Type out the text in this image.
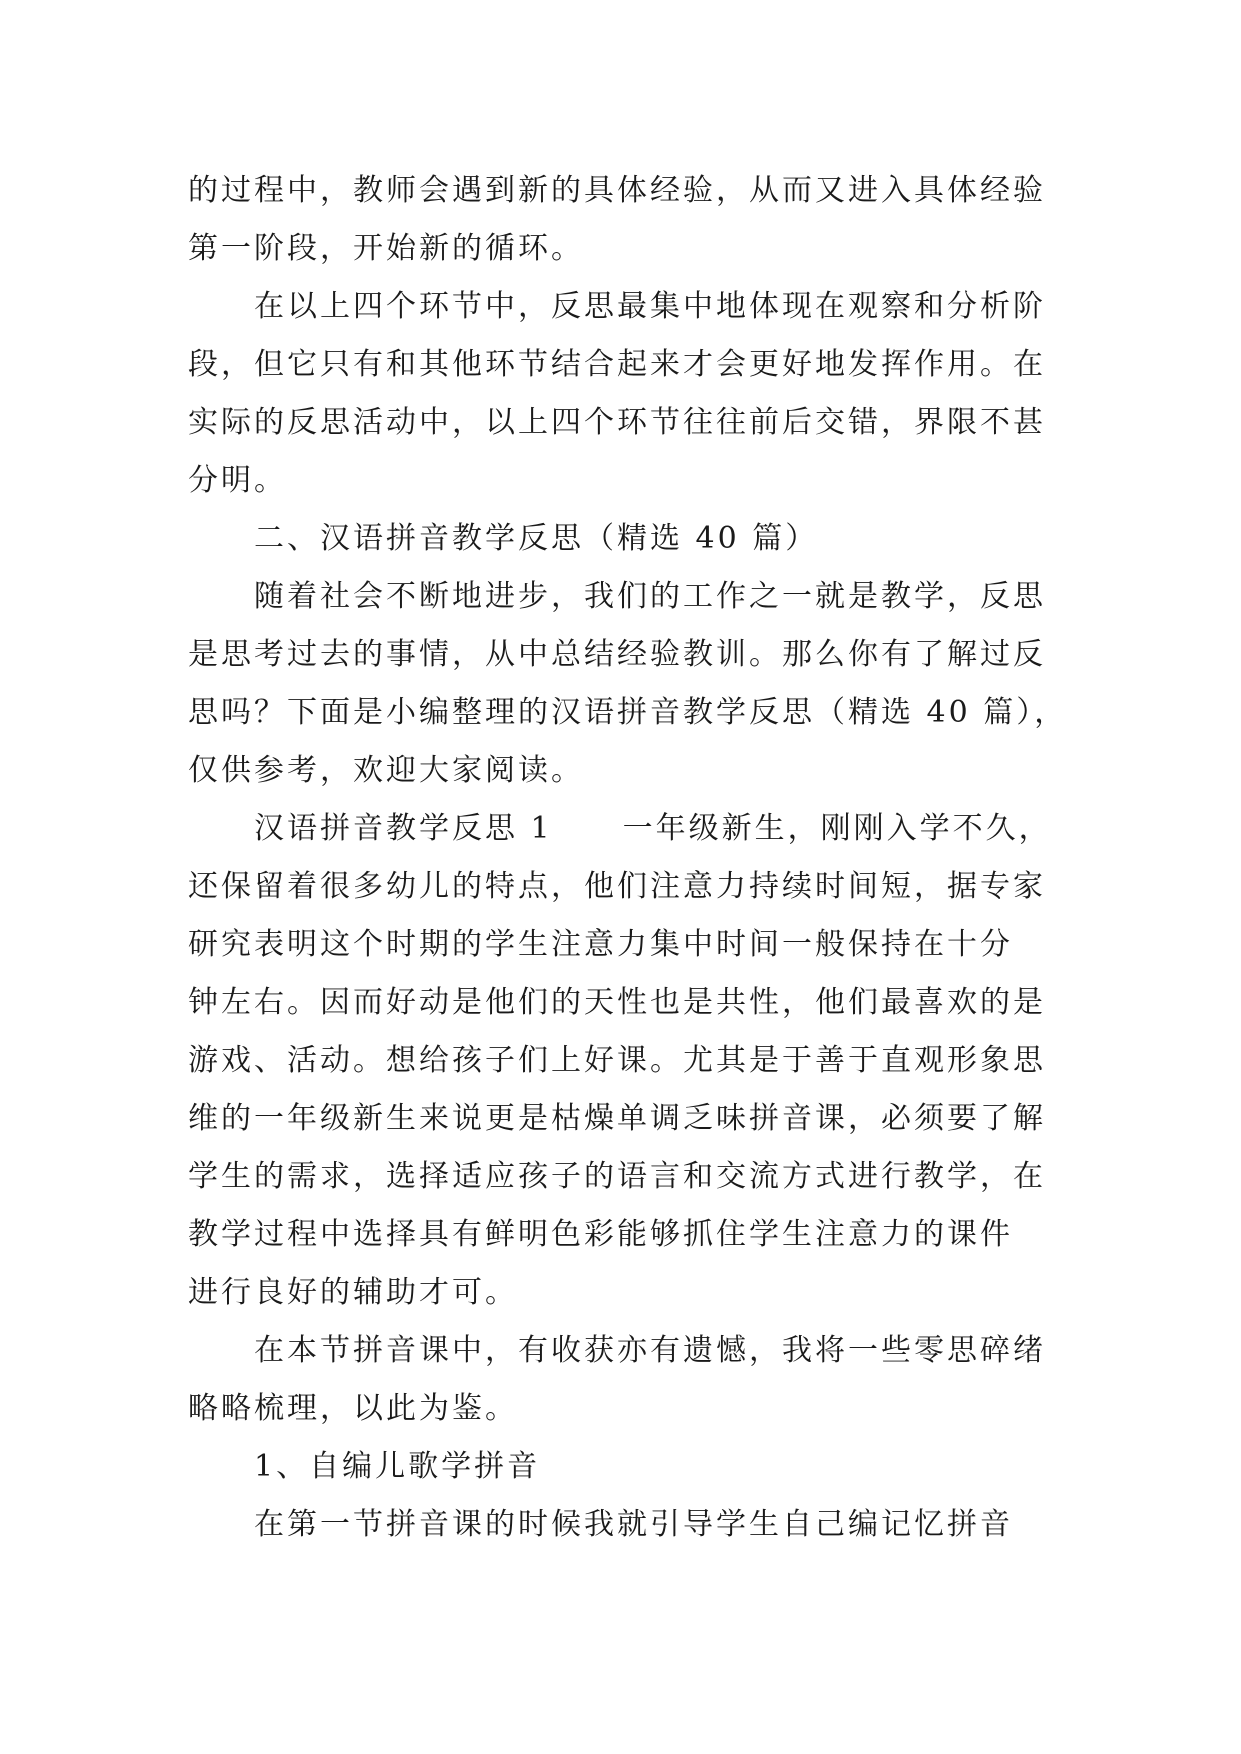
的过程中，教师会遇到新的具体经验，从而又进入具体经验
第一阶段，开始新的循环。
在以上四个环节中，反思最集中地体现在观察和分析阶
段，但它只有和其他环节结合起来才会更好地发挥作用。在
实际的反思活动中，以上四个环节往往前后交错，界限不甚
分明。
二、汉语拼音教学反思（精选 40 篇）
随着社会不断地进步，我们的工作之一就是教学，反思
是思考过去的事情，从中总结经验教训。那么你有了解过反
思吗？下面是小编整理的汉语拼音教学反思（精选 40 篇），
仅供参考，欢迎大家阅读。
汉语拼音教学反思 1 一年级新生，刚刚入学不久，
还保留着很多幼儿的特点，他们注意力持续时间短，据专家
研究表明这个时期的学生注意力集中时间一般保持在十分
钟左右。因而好动是他们的天性也是共性，他们最喜欢的是
游戏、活动。想给孩子们上好课。尤其是于善于直观形象思
维的一年级新生来说更是枯燥单调乏味拼音课，必须要了解
学生的需求，选择适应孩子的语言和交流方式进行教学，在
教学过程中选择具有鲜明色彩能够抓住学生注意力的课件
进行良好的辅助才可。
在本节拼音课中，有收获亦有遗憾，我将一些零思碎绪
略略梳理，以此为鉴。
1、自编儿歌学拼音
在第一节拼音课的时候我就引导学生自己编记忆拼音
